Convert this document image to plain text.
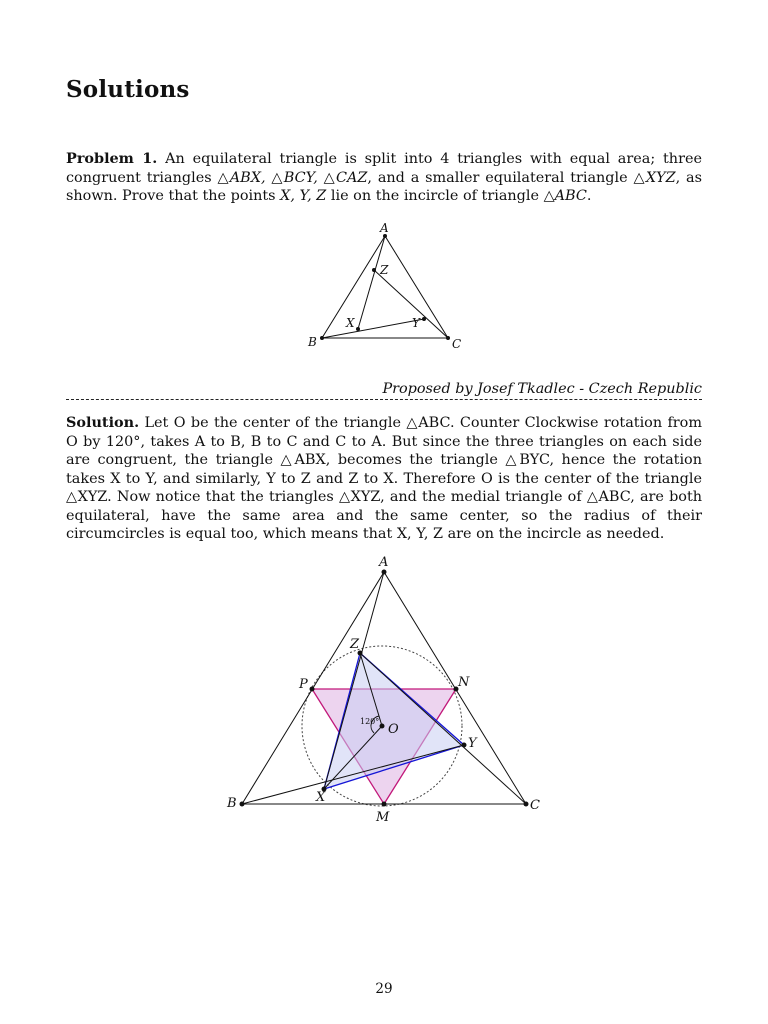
Solutions
Problem 1. An equilateral triangle is split into 4 triangles with equal area; three congruent triangles △ABX, △BCY, △CAZ, and a smaller equilateral triangle △XYZ, as shown. Prove that the points X, Y, Z lie on the incircle of triangle △ABC.
A
B	C
X	Y
Z
Proposed by Josef Tkadlec - Czech Republic
Solution. Let O be the center of the triangle △ABC. Counter Clockwise rotation from O by 120°, takes A to B, B to C and C to A. But since the three triangles on each side are congruent, the triangle △ABX, becomes the triangle △BYC, hence the rotation takes X to Y, and similarly, Y to Z and Z to X. Therefore O is the center of the triangle △XYZ. Now notice that the triangles △XYZ, and the medial triangle of △ABC, are both equilateral, have the same area and the same center, so the radius of their circumcircles is equal too, which means that X, Y, Z are on the incircle as needed.
A
B	C
Z
Y
X
O
P	N
M
120°
29
